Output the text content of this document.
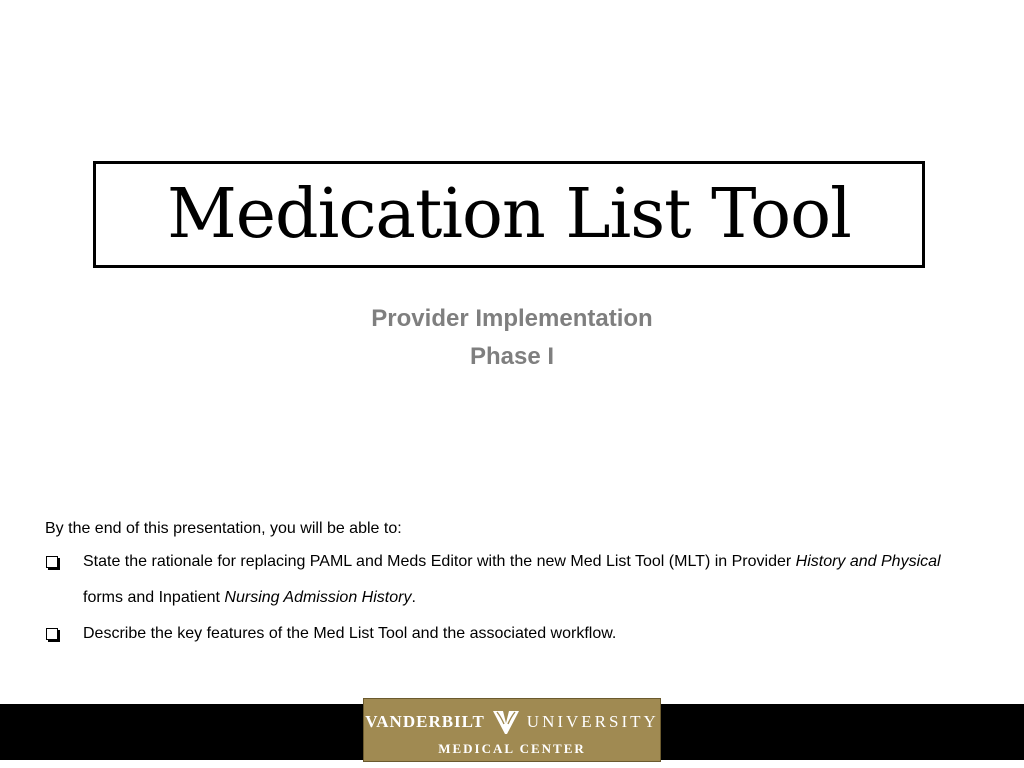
Medication List Tool
Provider Implementation
Phase I
By the end of this presentation, you will be able to:
State the rationale for replacing PAML and Meds Editor with the new Med List Tool (MLT) in Provider History and Physical forms and Inpatient Nursing Admission History.
Describe the key features of the Med List Tool and the associated workflow.
VANDERBILT UNIVERSITY
MEDICAL CENTER
